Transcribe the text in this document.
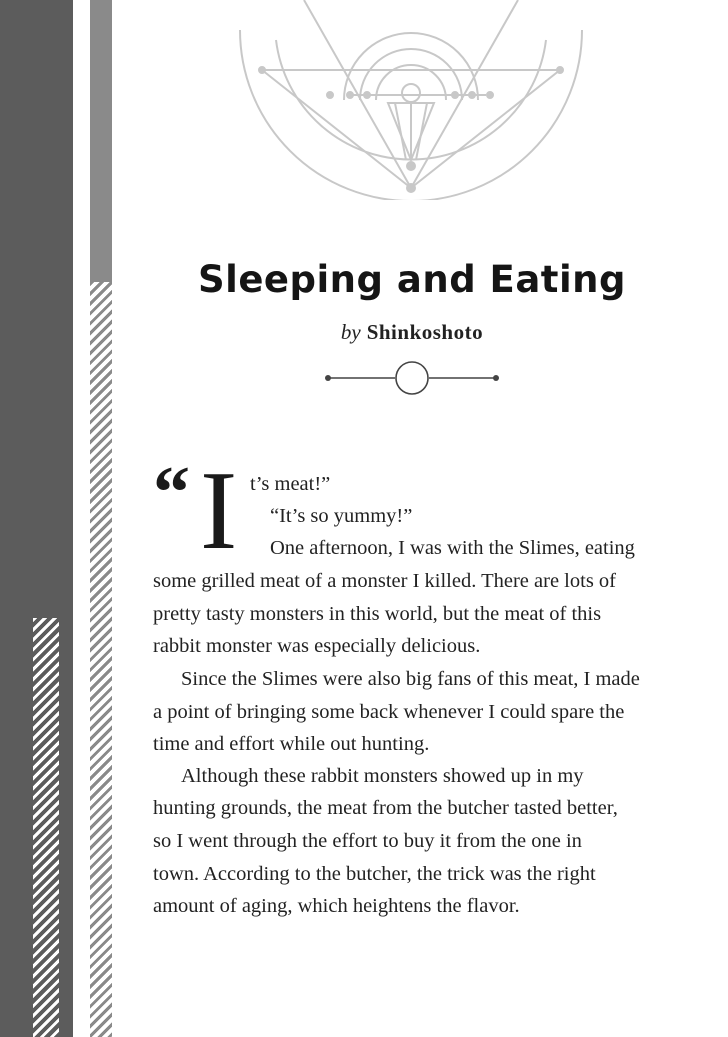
Sleeping and Eating
by Shinkoshoto
“ I t’s meat!”
“It’s so yummy!”
One afternoon, I was with the Slimes, eating
some grilled meat of a monster I killed. There are lots of
pretty tasty monsters in this world, but the meat of this
rabbit monster was especially delicious.
Since the Slimes were also big fans of this meat, I made
a point of bringing some back whenever I could spare the
time and effort while out hunting.
Although these rabbit monsters showed up in my
hunting grounds, the meat from the butcher tasted better,
so I went through the effort to buy it from the one in
town. According to the butcher, the trick was the right
amount of aging, which heightens the flavor.
